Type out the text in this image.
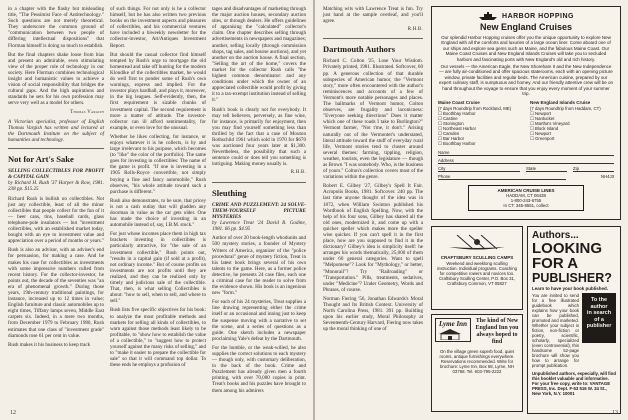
in a chapter with the flashy but misleading title, "The Pessimist Face of Antitechnology." Such questions are not merely theoretical. They underscore the common ground of "communication between two people of differing intellectual dispositions" that Florman himself is doing so much to establish.

But the final chapters shake loose from bias and present an admirable, even stimulating view of the proper role of technology in our society. Here Florman combines technological insight and humanistic values to achieve a vision of social responsibility that bridges the cultural gaps. And the high aspirations and standards he sets for his own profession may serve very well as a model for others.

Thomas Vargish

A Victorian specialist, professor of English Thomas Vargish has written and lectured at the Dartmouth Institute on the subject of humanities and technology.

Not for Art's Sake
SELLING COLLECTIBLES FOR PROFIT & CAPITAL GAIN

by Richard H. Rush '37 Harper & Row, 1981. 238 pp. $15.25

Richard Rush is bullish on collectibles. Not just any collectible, least of all the minor collectibles that people collect for the fun of it — beer cans, tins, baseball cards, glass telephone-pole insulators — but "investment collectibles, with an established market today, bought with an eye to investment value and appreciation over a period of months or years."

Rush is also an advisor, with an adviser's end for persuasion, for making a case. And he makes his case for collectibles as investments with some impressive numbers culled from recent history. For the collector-investor, he points out, the decade of the seventies was "an era of phenomenal growth." During those years, 19th-century traditional paintings, for instance, increased up to 12 times in value; English furniture and classic automobiles up to eight times, Tiffany lamps seven, Middle East carpets six. Indeed, in a mere two months, from December 1979 to February 1980, Rush estimates that one class of "investment grade" diamonds rose 61 per cent in value.

Rush makes it his business to keep track

of such things. For not only is he a collector himself, but he has also written two previous books on the investment aspects and pleasures of collectibles, and his commercial ventures have included a biweekly newsletter for the collector-investor, Art/Antiques Investment Report.

But should the casual collector find himself tempted by Rush's urge to mortgage the old homestead and take off hunting for the modern Klondike of the collectibles market, he would do well first to ponder some of Rush's own warnings, express and implied. For the investor plays hardball, and plays it, moreover, in the big leagues. Self-evidently, then, the first requirement is sizable chunks of investment capital. The second requirement is more a matter of attitude. The investor-collector can ill afford sentimentality, for example, or even love for the unusual.

Whether he likes collecting, for instance, or enjoys whatever it is he collects, is by and large irrelevant to his purpose, which becomes (to "like" the color of the portfolio). The same goes for investing in collectibles: The name of the game is profit. "If one is investing in a 1905 Rolls-Royce convertible, not simply buying a fine and fancy automobile," Rush observes, "his whole attitude toward such a purchase is different."

Rush also demonstrates, to be sure, that pricey is not a cash outlay that will gladden any doorman in value as the car gets older. One has made the choice of investing in an automobile instead of, say, I.B.M. stock."

For just whose incomes place them in high tax brackets investing in collectibles is particularly attractive, for "the sale of an investment collectible," Rush points out, "results in a capital gain (if sold at a profit), not ordinary income." But of course profits on investments are not profits until they are realized, and they can be realized only by timely and judicious sale of the collectible. That, then, is what selling Collectibles is about: "how to sell, when to sell, and where to sell."

Rush lists five specific objectives for his book: to analyze the most profitable methods and markets for selling all kinds of collectibles, to warn against those methods least likely to be profitable, to "show how to establish the value of a collectible," to "suggest how to protect yourself against the many risks of selling," and to "make it easier to prepare the collectible for sale" so that it will command top dollar. To these ends he employs a profusion of

tages and disadvantages of marketing through the major auction houses, secondary auction sites, or through dealers. He offers guidelines of appraising the "calculated" collector's claim. One chapter describes selling through advertisements in newspapers and magazines; another, selling locally (through commission shops, tag sales, and bourse auctions), and yet another on the auction house. A final section, "Selling the art of the home," covers the market for the collector Rush calls "the highest common denominator: and any conditions under which the owner of an appreciated collectible would profit by giving it to a tax-exempt institution instead of selling it."

Rush's book is clearly not for everybody. It may tell believers, perversely, as fine wine, for instance, is primarily for enjoyment, then you may find yourself something less than thrilled by the fact that a case of Mouton Rothschild 1961 which sold in 1970 for $670 was auctioned four years later at $1,300. Nevertheless, the possibility that such a sentence could or does tell you something is intriguing. Making money usually is.

R.H.B.
Sleuthing
CRIME AND PUZZLEMENT: 24 SOLVE-THEM-YOURSELF PICTURE MYSTERIES

by Lawrence Treat '24 David R. Godine, 1981. 66 pp. $4.95

Author of over 20 book-length whodunits and 500 mystery stories, a founder of Mystery Writers of America, organizer of the "police procedural" genre of mystery fiction, Treat in his latest book brings several of his own talents to the game. Here, as a former police detective, he presents 24 case files, each one a criminal case for the reader to solve from the evidence shown. His book is an ingenious new "form."

For each of his 24 mysteries, Treat supplies a line drawing representing either the crime itself or an occasional and inning just to keep the suspense moving with a narrative to set the scene, and a series of questions as a guide. One sketch includes a newspaper proclaiming Yale's defeat by the Dartmouth.

For the humble, or the weak-willed, he also supplies the correct solutions to each mystery — though only, with customary deliberation, in the back of the book. Crime and Puzzlement has already given men a fourth printing, with over 70,000 copies in print. Treat's books and his puzzles have brought to them among his admirers

12

Matching wits with Lawrence Treat is fun. Try just hand at the sample overleaf, and you'll agree.

R.H.B.
Dartmouth Authors

Richard C. Colton '25, Lose Your Wisdom. Privately printed, 1981. Illustrated. Softcover, 60 pp. A generous collection of that durable subspecies of American humor, the "Vermont story," more often encountered with the author's reminiscences and accounts of a few of Vermont's more notable personages and places. The ballmarks of Vermont humor, Colton observes, are frugality and laconicness: "Everyone seeking directions" Does it matter which one of these roads I take to Burlington?" Vermont farmer, "Not t'me, it don't." Arising naturally out of the Vermonter's understated, literal attitude toward the stuff of everyday rural life, Vermont stories tend to cluster around several themes: farming, tippling, religion, weather, tourists, even the legislature — though as Brown "I was somebody. Who, is the business of yours." Colton's collection covers most of the variations within the genre.

Robert E. Gilbey '27, Gilbey's Spell It Fair. Acropolis Books, 1981. Softcover. 240 pp. The last time anyone thought of the idea was in 1872, when William Swinton published his Wordbook of English Spelling. Now, with the help of his four sons, Gilbey has shared all the old ones, modernized it, and come up with a quicker speller which makes more the speller wise quicker. If you can't spell it in the first place, how are you supposed to find it in the dictionary? Gilbey's idea is simplicity itself: he arranges his words thematically, 25,000 of them under 60 general categories. Want to spell "Melpomene"? Look for "Mythology," or better, "Monorail"? Try "Railroading" or "Transportation." Pills, treatments, sedatives, under "Medicine"? Under Geometry, Words and Phrases, of course.

Norman Fiering '56, Jonathan Edwards's Moral Thought and Its British Context. University of North Carolina Press, 1981. 391 pp. Building upon his earlier study, Moral Philosophy at Seventeenth-Century Harvard, Fiering now takes up the moral thinking of one of

HARBOR HOPPING
New England Cruises
Our splendid Harbor Hopping cruises offer you the unique opportunity to explore New England with all the comforts and luxuries of a large ocean liner. Come aboard one of our ships and explore sea gems such as Maine, and the fabulous Maine Coast. Our Maine Coast Cruises and New England Islands Cruises will take you to secluded harbors and fascinating ports with New England's old and rich history.
Our vessels — the American Eagle, the New Shoreham II and the New Independence — are fully air-conditioned and offer spacious staterooms, each with an opening picture window, private facilities and regular beds. The American cuisine, prepared by our expert culinary staff, is sumptuous and homey. And our friendly attentive crew will be on hand throughout the voyage to ensure that you enjoy every moment of your summer trip.
Maine Coast Cruise
(7 days Roundtrip from Rockland, ME)
☐ Boothbay Harbor
☐ Castine
☐ Stonington
☐ Northeast Harbor
☐ Camden
☐ Bar Harbor
☐ Boothbay Harbor
New England Islands Cruise
(7 days Roundtrip from Haddam, CT)
☐ Newport
☐ Nantucket
☐ Martha's Vineyard
☐ Block Island
☐ Newport
☐ Greenport
Name
Address
City	State	Zip
Phone	NH4J3
AMERICAN CRUISE LINES
HADDAM, CT 06438
1-800-243-6755
In CT: 345-8551, collect
CRAFTSBURY SCULLING CAMPS
Weekend and weeklong sculling instruction. Individual programs. Coaching for competitive rowers and novices too. Craftsbury Sculling Center, P.O. Box 31, Craftsbury Common, VT 05827
Lyme Inn	The kind of New England Inn you always hoped to find
On the village green superb food, quiet rooms, antique furnishings everywhere. Reservations recommended. Write for brochure: Lyme Inn, Box 68, Lyme, NH 03768. Tel. 603-795-2222
Authors...
LOOKING
FOR A
PUBLISHER?
Learn to have your book published.
You are invited to send for a free illustrated guidebook which explains how your book can be published, promoted and marketed. Whether your subject is fiction, non-fiction or poetry, scientific, scholarly, specialized (even controversial), this handsome 52-page brochure will show you how to arrange for prompt publication.
To the author
in search
of a
publisher
Unpublished authors, especially, will find this booklet valuable and informative. For your free copy, write to: VANTAGE PRESS, Inc. Dept. F-53 516 W. 34 St., New York, N.Y. 10001
13
